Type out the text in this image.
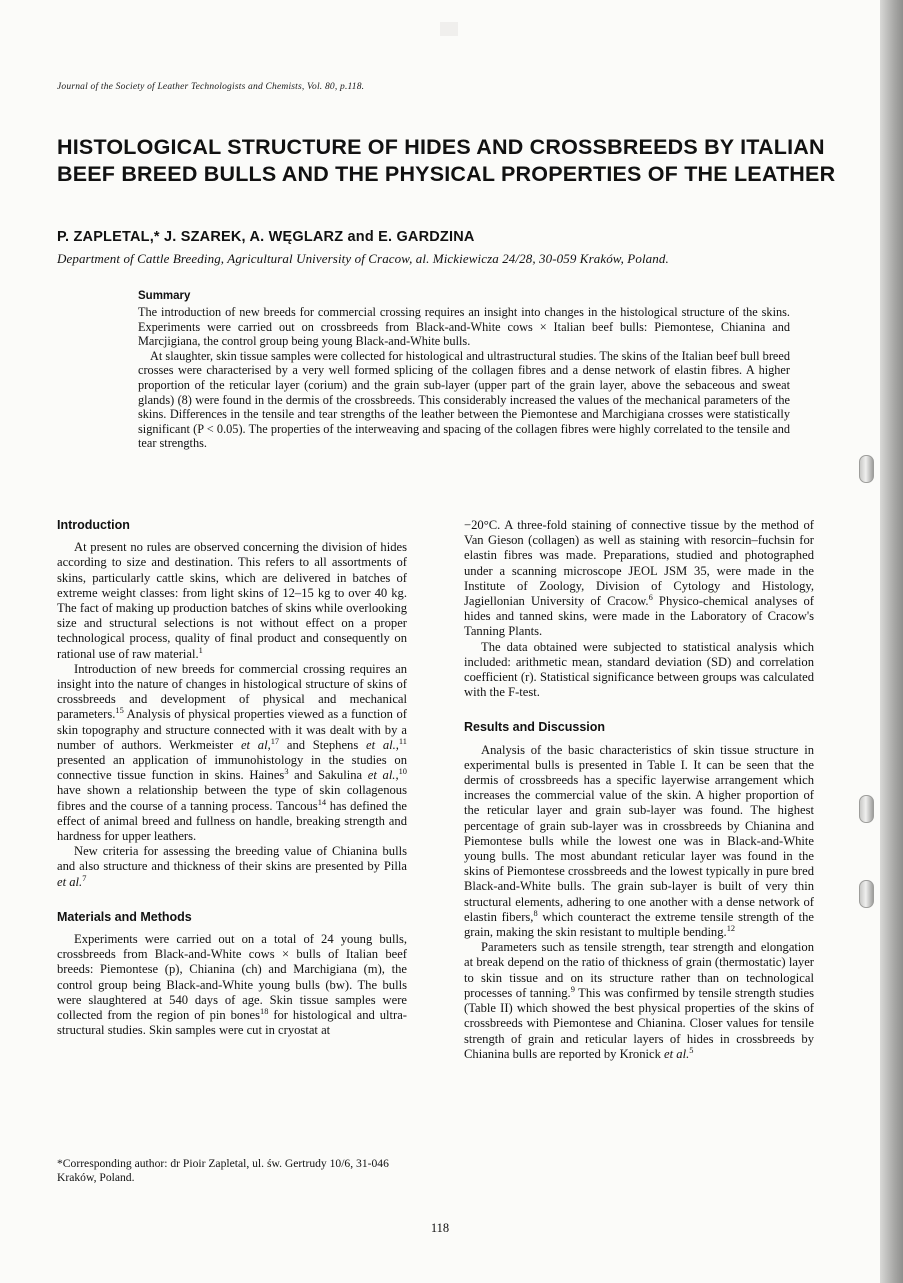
Journal of the Society of Leather Technologists and Chemists, Vol. 80, p.118.
HISTOLOGICAL STRUCTURE OF HIDES AND CROSSBREEDS BY ITALIAN BEEF BREED BULLS AND THE PHYSICAL PROPERTIES OF THE LEATHER
P. ZAPLETAL,* J. SZAREK, A. WĘGLARZ and E. GARDZINA
Department of Cattle Breeding, Agricultural University of Cracow, al. Mickiewicza 24/28, 30-059 Kraków, Poland.
Summary

The introduction of new breeds for commercial crossing requires an insight into changes in the histological structure of the skins. Experiments were carried out on crossbreeds from Black-and-White cows × Italian beef bulls: Piemontese, Chianina and Marcjigiana, the control group being young Black-and-White bulls.

At slaughter, skin tissue samples were collected for histological and ultrastructural studies. The skins of the Italian beef bull breed crosses were characterised by a very well formed splicing of the collagen fibres and a dense network of elastin fibres. A higher proportion of the reticular layer (corium) and the grain sub-layer (upper part of the grain layer, above the sebaceous and sweat glands) (8) were found in the dermis of the crossbreeds. This considerably increased the values of the mechanical parameters of the skins. Differences in the tensile and tear strengths of the leather between the Piemontese and Marchigiana crosses were statistically significant (P < 0.05). The properties of the interweaving and spacing of the collagen fibres were highly correlated to the tensile and tear strengths.

Introduction

At present no rules are observed concerning the division of hides according to size and destination. This refers to all assortments of skins, particularly cattle skins, which are delivered in batches of extreme weight classes: from light skins of 12–15 kg to over 40 kg. The fact of making up production batches of skins while overlooking size and structural selections is not without effect on a proper technological process, quality of final product and consequently on rational use of raw material.$^1$

Introduction of new breeds for commercial crossing requires an insight into the nature of changes in histological structure of skins of crossbreeds and development of physical and mechanical parameters.$^{15}$ Analysis of physical properties viewed as a function of skin topography and structure connected with it was dealt with by a number of authors. Werkmeister et al,$^{17}$ and Stephens et al.,$^{11}$ presented an application of immunohistology in the studies on connective tissue function in skins. Haines$^3$ and Sakulina et al.,$^{10}$ have shown a relationship between the type of skin collagenous fibres and the course of a tanning process. Tancous$^{14}$ has defined the effect of animal breed and fullness on handle, breaking strength and hardness for upper leathers.

New criteria for assessing the breeding value of Chianina bulls and also structure and thickness of their skins are presented by Pilla et al.$^7$

Materials and Methods

Experiments were carried out on a total of 24 young bulls, crossbreeds from Black-and-White cows × bulls of Italian beef breeds: Piemontese (p), Chianina (ch) and Marchigiana (m), the control group being Black-and-White young bulls (bw). The bulls were slaughtered at 540 days of age. Skin tissue samples were collected from the region of pin bones$^{18}$ for histological and ultra-structural studies. Skin samples were cut in cryostat at

−20°C. A three-fold staining of connective tissue by the method of Van Gieson (collagen) as well as staining with resorcin–fuchsin for elastin fibres was made. Preparations, studied and photographed under a scanning microscope JEOL JSM 35, were made in the Institute of Zoology, Division of Cytology and Histology, Jagiellonian University of Cracow.$^6$ Physico-chemical analyses of hides and tanned skins, were made in the Laboratory of Cracow's Tanning Plants.

The data obtained were subjected to statistical analysis which included: arithmetic mean, standard deviation (SD) and correlation coefficient (r). Statistical significance between groups was calculated with the F-test.

Results and Discussion

Analysis of the basic characteristics of skin tissue structure in experimental bulls is presented in Table I. It can be seen that the dermis of crossbreeds has a specific layerwise arrangement which increases the commercial value of the skin. A higher proportion of the reticular layer and grain sub-layer was found. The highest percentage of grain sub-layer was in crossbreeds by Chianina and Piemontese bulls while the lowest one was in Black-and-White young bulls. The most abundant reticular layer was found in the skins of Piemontese crossbreeds and the lowest typically in pure bred Black-and-White bulls. The grain sub-layer is built of very thin structural elements, adhering to one another with a dense network of elastin fibers,$^8$ which counteract the extreme tensile strength of the grain, making the skin resistant to multiple bending.$^{12}$

Parameters such as tensile strength, tear strength and elongation at break depend on the ratio of thickness of grain (thermostatic) layer to skin tissue and on its structure rather than on technological processes of tanning.$^9$ This was confirmed by tensile strength studies (Table II) which showed the best physical properties of the skins of crossbreeds with Piemontese and Chianina. Closer values for tensile strength of grain and reticular layers of hides in crossbreeds by Chianina bulls are reported by Kronick et al.$^5$

*Corresponding author: dr Pioir Zapletal, ul. św. Gertrudy 10/6, 31-046 Kraków, Poland.
118
